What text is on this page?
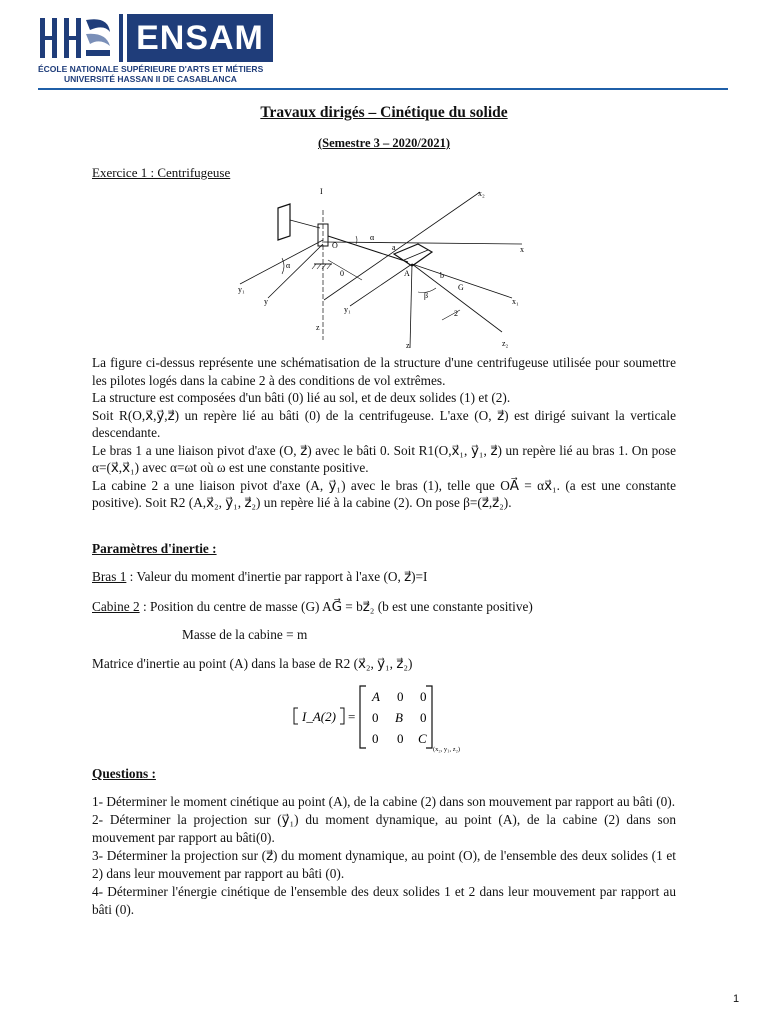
ENSAM
ÉCOLE NATIONALE SUPÉRIEURE D'ARTS ET MÉTIERS
UNIVERSITÉ HASSAN II DE CASABLANCA
Travaux dirigés – Cinétique du solide
(Semestre 3 – 2020/2021)
Exercice 1 : Centrifugeuse
I	x₂
O
α
a	x
y₁
y
0	A	b
β
G
x₁
z
y₁
z
2
z₂
α

La figure ci-dessus représente une schématisation de la structure d'une centrifugeuse utilisée pour soumettre les pilotes logés dans la cabine 2 à des conditions de vol extrêmes.

La structure est composées d'un bâti (0) lié au sol, et de deux solides (1) et (2).

Soit R(O,x⃗,y⃗,z⃗) un repère lié au bâti (0) de la centrifugeuse. L'axe (O, z⃗) est dirigé suivant la verticale descendante.

Le bras 1 a une liaison pivot d'axe (O, z⃗) avec le bâti 0. Soit R1(O,x⃗₁, y⃗₁, z⃗) un repère lié au bras 1. On pose α=(x⃗,x⃗₁) avec α=ωt où ω est une constante positive.

La cabine 2 a une liaison pivot d'axe (A, y⃗₁) avec le bras (1), telle que OA⃗ = αx⃗₁. (a est une constante positive). Soit R2 (A,x⃗₂, y⃗₁, z⃗₂) un repère lié à la cabine (2). On pose β=(z⃗,z⃗₂).

Paramètres d'inertie :
Bras 1 : Valeur du moment d'inertie par rapport à l'axe (O, z⃗)=I
Cabine 2 : Position du centre de masse (G) AG⃗ = bz⃗₂ (b est une constante positive)
Masse de la cabine = m
Matrice d'inertie au point (A) dans la base de R2 (x⃗₂, y⃗₁, z⃗₂)
I_A(2) =
A 0 0
0 B 0
0 0 C
(x₂, y₁, z₂)
Questions :

1- Déterminer le moment cinétique au point (A), de la cabine (2) dans son mouvement par rapport au bâti (0).

2- Déterminer la projection sur (y⃗₁) du moment dynamique, au point (A), de la cabine (2) dans son mouvement par rapport au bâti(0).

3- Déterminer la projection sur (z⃗) du moment dynamique, au point (O), de l'ensemble des deux solides (1 et 2) dans leur mouvement par rapport au bâti (0).

4- Déterminer l'énergie cinétique de l'ensemble des deux solides 1 et 2 dans leur mouvement par rapport au bâti (0).

1
